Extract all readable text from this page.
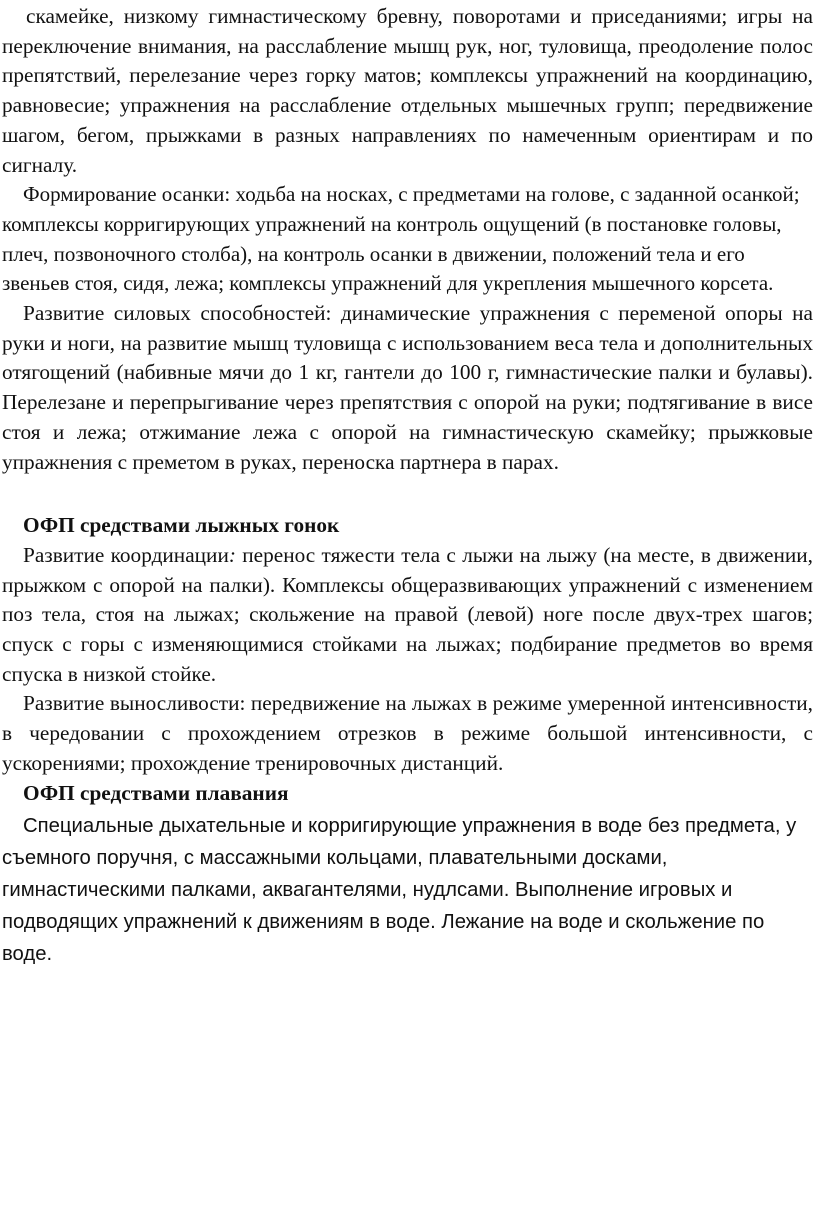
скамейке, низкому гимнастическому бревну, поворотами и приседаниями; игры на переключение внимания, на расслабление мышц рук, ног, туловища, преодоление полос препятствий, перелезание через горку матов; комплексы упражнений на координацию, равновесие; упражнения на расслабление отдельных мышечных групп; передвижение шагом, бегом, прыжками в разных направлениях по намеченным ориентирам и по сигналу.

Формирование осанки: ходьба на носках, с предметами на голове, с заданной осанкой; комплексы корригирующих упражнений на контроль ощущений (в постановке головы, плеч, позвоночного столба), на контроль осанки в движении, положений тела и его звеньев стоя, сидя, лежа; комплексы упражнений для укрепления мышечного корсета.

Развитие силовых способностей: динамические упражнения с переменой опоры на руки и ноги, на развитие мышц туловища с использованием веса тела и дополнительных отягощений (набивные мячи до 1 кг, гантели до 100 г, гимнастические палки и булавы). Перелезане и перепрыгивание через препятствия с опорой на руки; подтягивание в висе стоя и лежа; отжимание лежа с опорой на гимнастическую скамейку; прыжковые упражнения с преметом в руках, переноска партнера в парах.

ОФП средствами лыжных гонок

Развитие координации: перенос тяжести тела с лыжи на лыжу (на месте, в движении, прыжком с опорой на палки). Комплексы общеразвивающих упражнений с изменением поз тела, стоя на лыжах; скольжение на правой (левой) ноге после двух-трех шагов; спуск с горы с изменяющимися стойками на лыжах; подбирание предметов во время спуска в низкой стойке.

Развитие выносливости: передвижение на лыжах в режиме умеренной интенсивности, в чередовании с прохождением отрезков в режиме большой интенсивности, с ускорениями; прохождение тренировочных дистанций.

ОФП средствами плавания

Специальные дыхательные и корригирующие упражнения в воде без предмета, у съемного поручня, с массажными кольцами, плавательными досками, гимнастическими палками, аквагантелями, нудлсами. Выполнение игровых и подводящих упражнений к движениям в воде. Лежание на воде и скольжение по воде.
